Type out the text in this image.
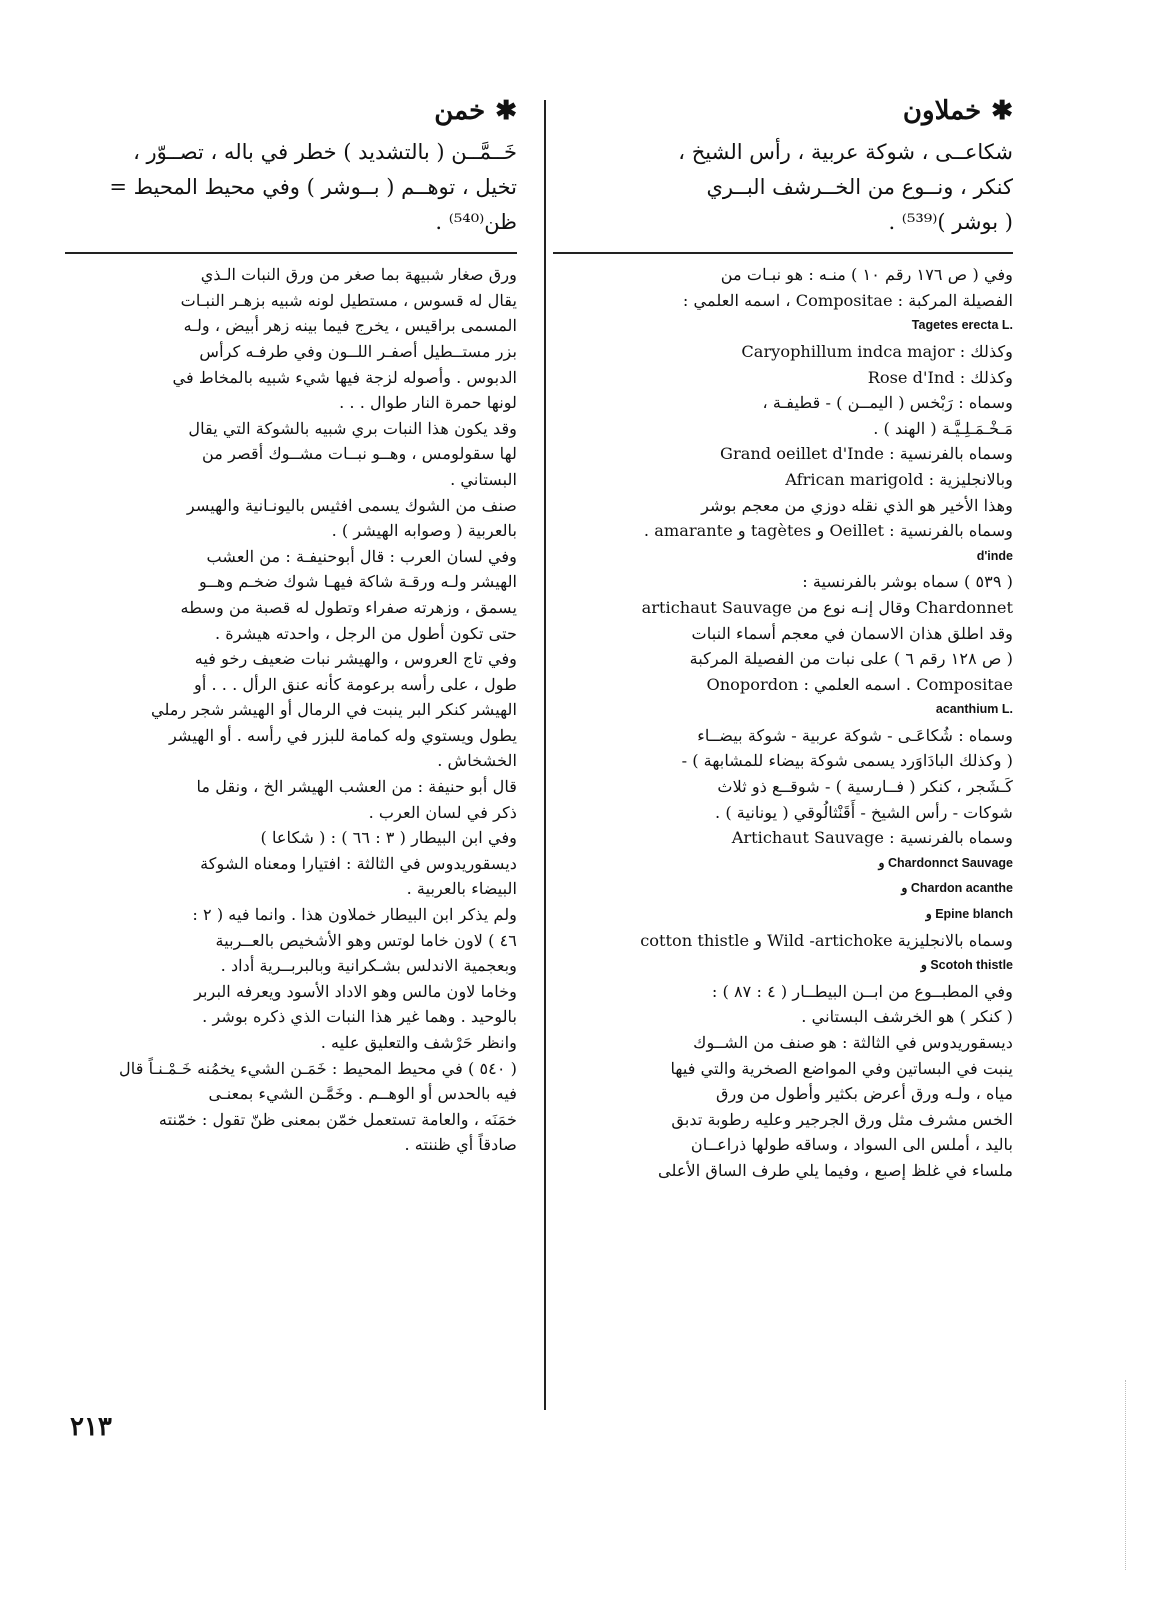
✱خملاون

شكاعــى ، شوكة عربية ، رأس الشيخ ،

كنكر ، ونــوع من الخــرشف البــري

( بوشر )⁽⁵³⁹⁾ .

وفي ( ص ١٧٦ رقم ١٠ ) منـه : هو نبـات من

الفصيلة المركبة : Compositae ، اسمه العلمي :

Tagetes erecta L.

وكذلك : Caryophillum indca major

وكذلك : Rose d'Ind

وسماه : رَبْخس ( اليمــن ) - قطيفـة ،

مَـخْـمَـلِـيَّـة ( الهند ) .

وسماه بالفرنسية : Grand oeillet d'Inde

وبالانجليزية : African marigold

وهذا الأخير هو الذي نقله دوزي من معجم بوشر

وسماه بالفرنسية : Oeillet و tagètes و amarante .

d'inde

( ٥٣٩ ) سماه بوشر بالفرنسية :

Chardonnet وقال إنـه نوع من artichaut Sauvage

وقد اطلق هذان الاسمان في معجم أسماء النبات

( ص ١٢٨ رقم ٦ ) على نبات من الفصيلة المركبة

Compositae . اسمه العلمي : Onopordon

acanthium L.

وسماه : شُكاعَـى - شوكة عربية - شوكة بيضــاء

( وكذلك البادَاوَرد يسمى شوكة بيضاء للمشابهة ) -

كَـشَجر ، كنكر ( فــارسية ) - شوقــع ذو ثلاث

شوكات - رأس الشيخ - أَقَنْثالُوقي ( يونانية ) .

وسماه بالفرنسية : Artichaut Sauvage

و Chardonnct Sauvage

و Chardon acanthe

و Epine blanch

وسماه بالانجليزية Wild -artichoke و cotton thistle

و Scotoh thistle

وفي المطبــوع من ابــن البيطــار ( ٤ : ٨٧ ) :

( كنكر ) هو الخرشف البستاني .

ديسقوريدوس في الثالثة : هو صنف من الشــوك

ينبت في البساتين وفي المواضع الصخرية والتي فيها

مياه ، ولـه ورق أعرض بكثير وأطول من ورق

الخس مشرف مثل ورق الجرجير وعليه رطوبة تدبق

باليد ، أملس الى السواد ، وساقه طولها ذراعــان

ملساء في غلظ إصبع ، وفيما يلي طرف الساق الأعلى

✱خمن

خَــمَّــن ( بالتشديد ) خطر في باله ، تصــوّر ،

تخيل ، توهــم ( بــوشر ) وفي محيط المحيط =

ظن⁽⁵⁴⁰⁾ .

ورق صغار شبيهة بما صغر من ورق النبات الـذي

يقال له قسوس ، مستطيل لونه شبيه بزهـر النبـات

المسمى براقيس ، يخرج فيما بينه زهر أبيض ، ولـه

بزر مستــطيل أصفـر اللــون وفي طرفـه كرأس

الدبوس . وأصوله لزجة فيها شيء شبيه بالمخاط في

لونها حمرة النار طوال . . .

وقد يكون هذا النبات بري شبيه بالشوكة التي يقال

لها سقولومس ، وهــو نبــات مشــوك أقصر من

البستاني .

صنف من الشوك يسمى افثيس باليونـانية والهيسر

بالعربية ( وصوابه الهيشر ) .

وفي لسان العرب : قال أبوحنيفـة : من العشب

الهيشر ولـه ورقـة شاكة فيهـا شوك ضخـم وهــو

يسمق ، وزهرته صفراء وتطول له قصبة من وسطه

حتى تكون أطول من الرجل ، واحدته هيشرة .

وفي تاج العروس ، والهيشر نبات ضعيف رخو فيه

طول ، على رأسه برعومة كأنه عنق الرأل . . . أو

الهيشر كنكر البر ينبت في الرمال أو الهيشر شجر رملي

يطول ويستوي وله كمامة للبزر في رأسه . أو الهيشر

الخشخاش .

قال أبو حنيفة : من العشب الهيشر الخ ، ونقل ما

ذكر في لسان العرب .

وفي ابن البيطار ( ٣ : ٦٦ ) : ( شكاعا )

ديسقوريدوس في الثالثة : افتيارا ومعناه الشوكة

البيضاء بالعربية .

ولم يذكر ابن البيطار خملاون هذا . وانما فيه ( ٢ :

٤٦ ) لاون خاما لوتس وهو الأشخيص بالعــربية

وبعجمية الاندلس بشـكرانية وبالبربــرية أداد .

وخاما لاون مالس وهو الاداد الأسود ويعرفه البربر

بالوحيد . وهما غير هذا النبات الذي ذكره بوشر .

وانظر حَرْشف والتعليق عليه .

( ٥٤٠ ) في محيط المحيط : خَمَـن الشيء يخمُنه خَـمْـنـاً قال

فيه بالحدس أو الوهــم . وخَمَّـن الشيء بمعنـى

خمَنَه ، والعامة تستعمل خمّن بمعنى ظنّ تقول : خمّنته

صادقاً أي ظننته .

٢١٣
